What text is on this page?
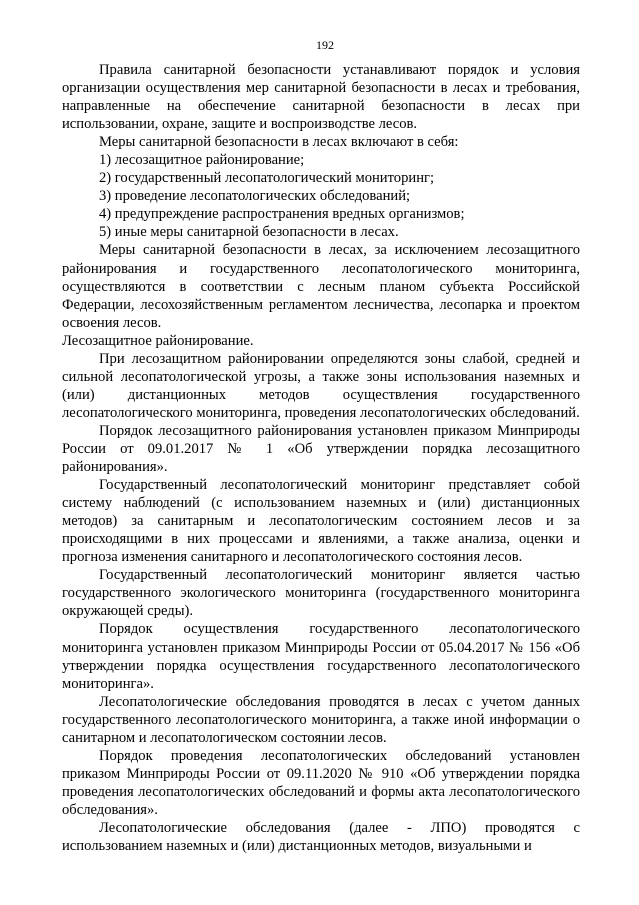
192

Правила санитарной безопасности устанавливают порядок и условия организации осуществления мер санитарной безопасности в лесах и требования, направленные на обеспечение санитарной безопасности в лесах при использовании, охране, защите и воспроизводстве лесов.

Меры санитарной безопасности в лесах включают в себя:

1) лесозащитное районирование;

2) государственный лесопатологический мониторинг;

3) проведение лесопатологических обследований;

4) предупреждение распространения вредных организмов;

5) иные меры санитарной безопасности в лесах.

Меры санитарной безопасности в лесах, за исключением лесозащитного районирования и государственного лесопатологического мониторинга, осуществляются в соответствии с лесным планом субъекта Российской Федерации, лесохозяйственным регламентом лесничества, лесопарка и проектом освоения лесов.

Лесозащитное районирование.

При лесозащитном районировании определяются зоны слабой, средней и сильной лесопатологической угрозы, а также зоны использования наземных и (или) дистанционных методов осуществления государственного лесопатологического мониторинга, проведения лесопатологических обследований.

Порядок лесозащитного районирования установлен приказом Минприроды России от 09.01.2017 № 1 «Об утверждении порядка лесозащитного районирования».

Государственный лесопатологический мониторинг представляет собой систему наблюдений (с использованием наземных и (или) дистанционных методов) за санитарным и лесопатологическим состоянием лесов и за происходящими в них процессами и явлениями, а также анализа, оценки и прогноза изменения санитарного и лесопатологического состояния лесов.

Государственный лесопатологический мониторинг является частью государственного экологического мониторинга (государственного мониторинга окружающей среды).

Порядок осуществления государственного лесопатологического мониторинга установлен приказом Минприроды России от 05.04.2017 № 156 «Об утверждении порядка осуществления государственного лесопатологического мониторинга».

Лесопатологические обследования проводятся в лесах с учетом данных государственного лесопатологического мониторинга, а также иной информации о санитарном и лесопатологическом состоянии лесов.

Порядок проведения лесопатологических обследований установлен приказом Минприроды России от 09.11.2020 № 910 «Об утверждении порядка проведения лесопатологических обследований и формы акта лесопатологического обследования».

Лесопатологические обследования (далее - ЛПО) проводятся с использованием наземных и (или) дистанционных методов, визуальными и
